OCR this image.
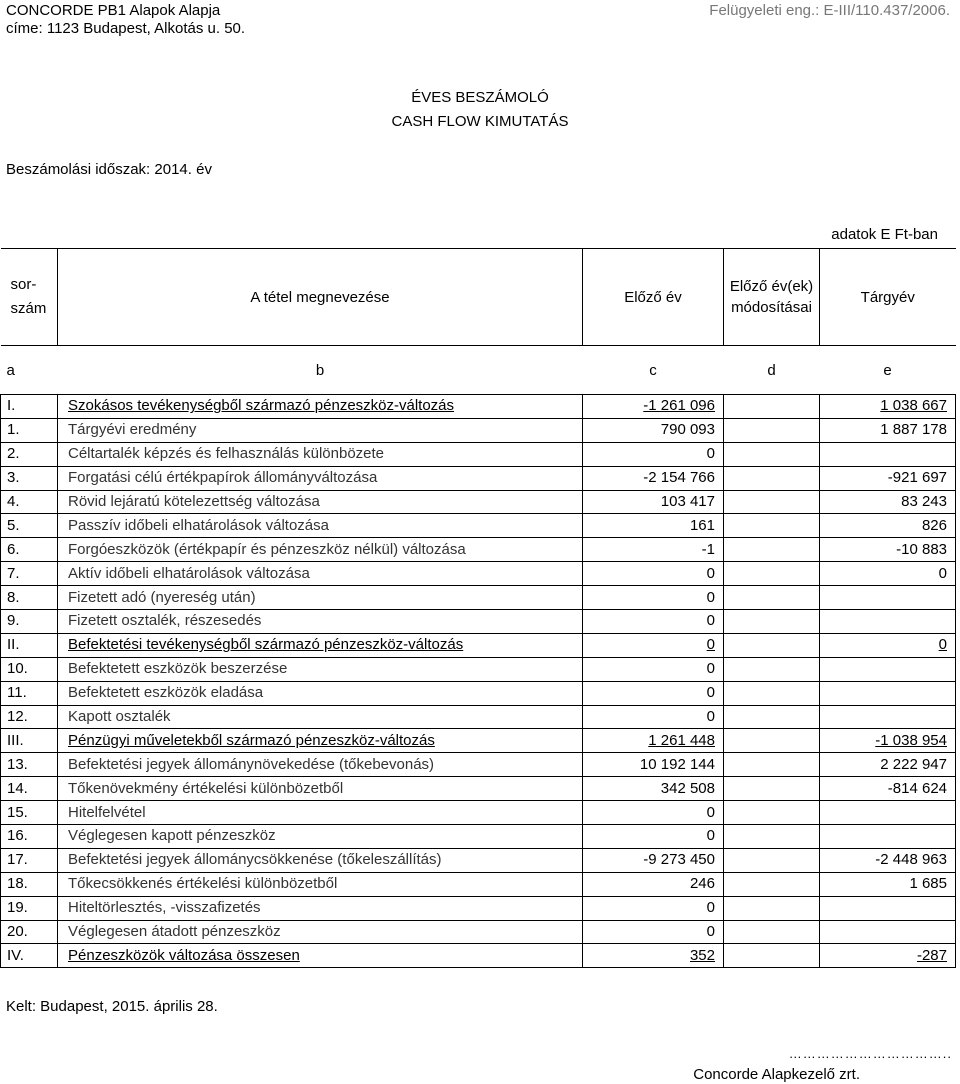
CONCORDE PB1 Alapok Alapja
címe: 1123 Budapest, Alkotás u. 50.
Felügyeleti eng.: E-III/110.437/2006.
ÉVES BESZÁMOLÓ
CASH FLOW KIMUTATÁS
Beszámolási időszak: 2014. év
adatok E Ft-ban
sor-
szám	A tétel megnevezése	Előző év	Előző év(ek)
módosításai	Tárgyév
a	b	c	d	e
I.	Szokásos tevékenységből származó pénzeszköz-változás	-1 261 096		1 038 667
1.	Tárgyévi eredmény	790 093		1 887 178
2.	Céltartalék képzés és felhasználás különbözete	0		
3.	Forgatási célú értékpapírok állományváltozása	-2 154 766		-921 697
4.	Rövid lejáratú kötelezettség változása	103 417		83 243
5.	Passzív időbeli elhatárolások változása	161		826
6.	Forgóeszközök (értékpapír és pénzeszköz nélkül) változása	-1		-10 883
7.	Aktív időbeli elhatárolások változása	0		0
8.	Fizetett adó (nyereség után)	0		
9.	Fizetett osztalék, részesedés	0		
II.	Befektetési tevékenységből származó pénzeszköz-változás	0		0
10.	Befektetett eszközök beszerzése	0		
11.	Befektetett eszközök eladása	0		
12.	Kapott osztalék	0		
III.	Pénzügyi műveletekből származó pénzeszköz-változás	1 261 448		-1 038 954
13.	Befektetési jegyek állománynövekedése (tőkebevonás)	10 192 144		2 222 947
14.	Tőkenövekmény értékelési különbözetből	342 508		-814 624
15.	Hitelfelvétel	0		
16.	Véglegesen kapott pénzeszköz	0		
17.	Befektetési jegyek állománycsökkenése (tőkeleszállítás)	-9 273 450		-2 448 963
18.	Tőkecsökkenés értékelési különbözetből	246		1 685
19.	Hiteltörlesztés, -visszafizetés	0		
20.	Véglegesen átadott pénzeszköz	0		
IV.	Pénzeszközök változása összesen	352		-287
Kelt: Budapest, 2015. április 28.
……………………………..
Concorde Alapkezelő zrt.
